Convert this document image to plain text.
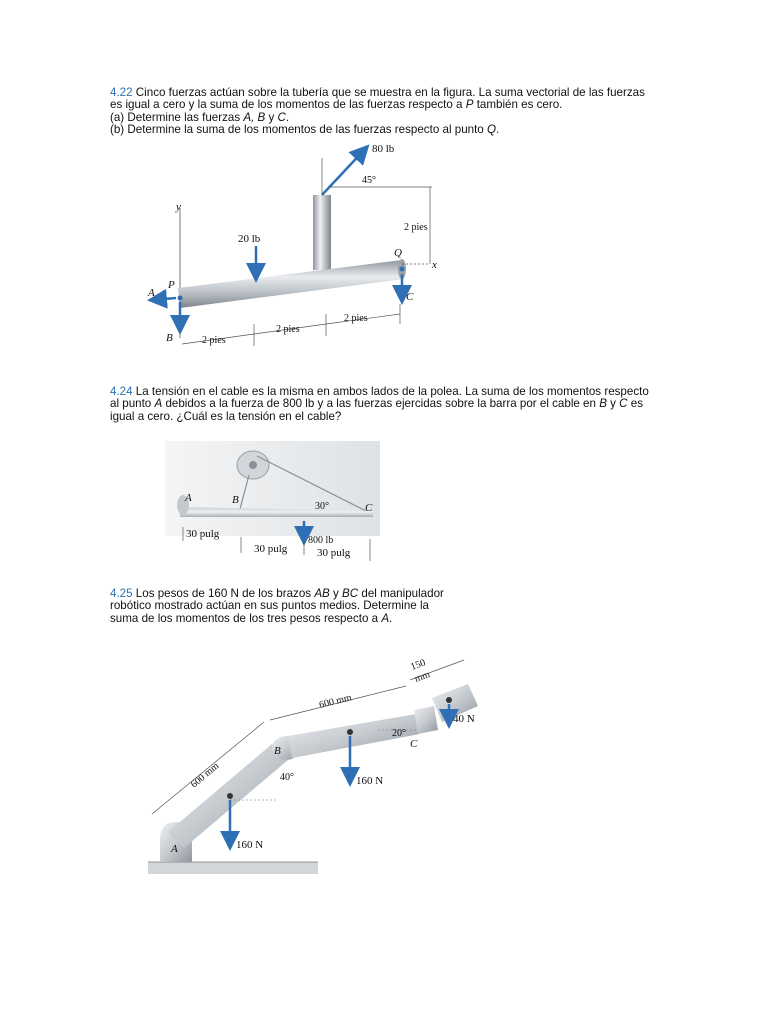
4.22 Cinco fuerzas actúan sobre la tubería que se muestra en la figura. La suma vectorial de las fuerzas

es igual a cero y la suma de los momentos de las fuerzas respecto a P también es cero.

(a) Determine las fuerzas A, B y C.

(b) Determine la suma de los momentos de las fuerzas respecto al punto Q.

y
80 lb
45°
2 pies
x
20 lb
P
A
B
Q
C
2 pies
2 pies
2 pies

4.24 La tensión en el cable es la misma en ambos lados de la polea. La suma de los momentos respecto

al punto A debidos a la fuerza de 800 lb y a las fuerzas ejercidas sobre la barra por el cable en B y C es

igual a cero. ¿Cuál es la tensión en el cable?

A	B
C
30°
800 lb
30 pulg
30 pulg	30 pulg

4.25 Los pesos de 160 N de los brazos AB y BC del manipulador

robótico mostrado actúan en sus puntos medios. Determine la

suma de los momentos de los tres pesos respecto a A.

A
B
C
40°
20°
160 N
160 N
40 N
600 mm
600 mm
150
mm
